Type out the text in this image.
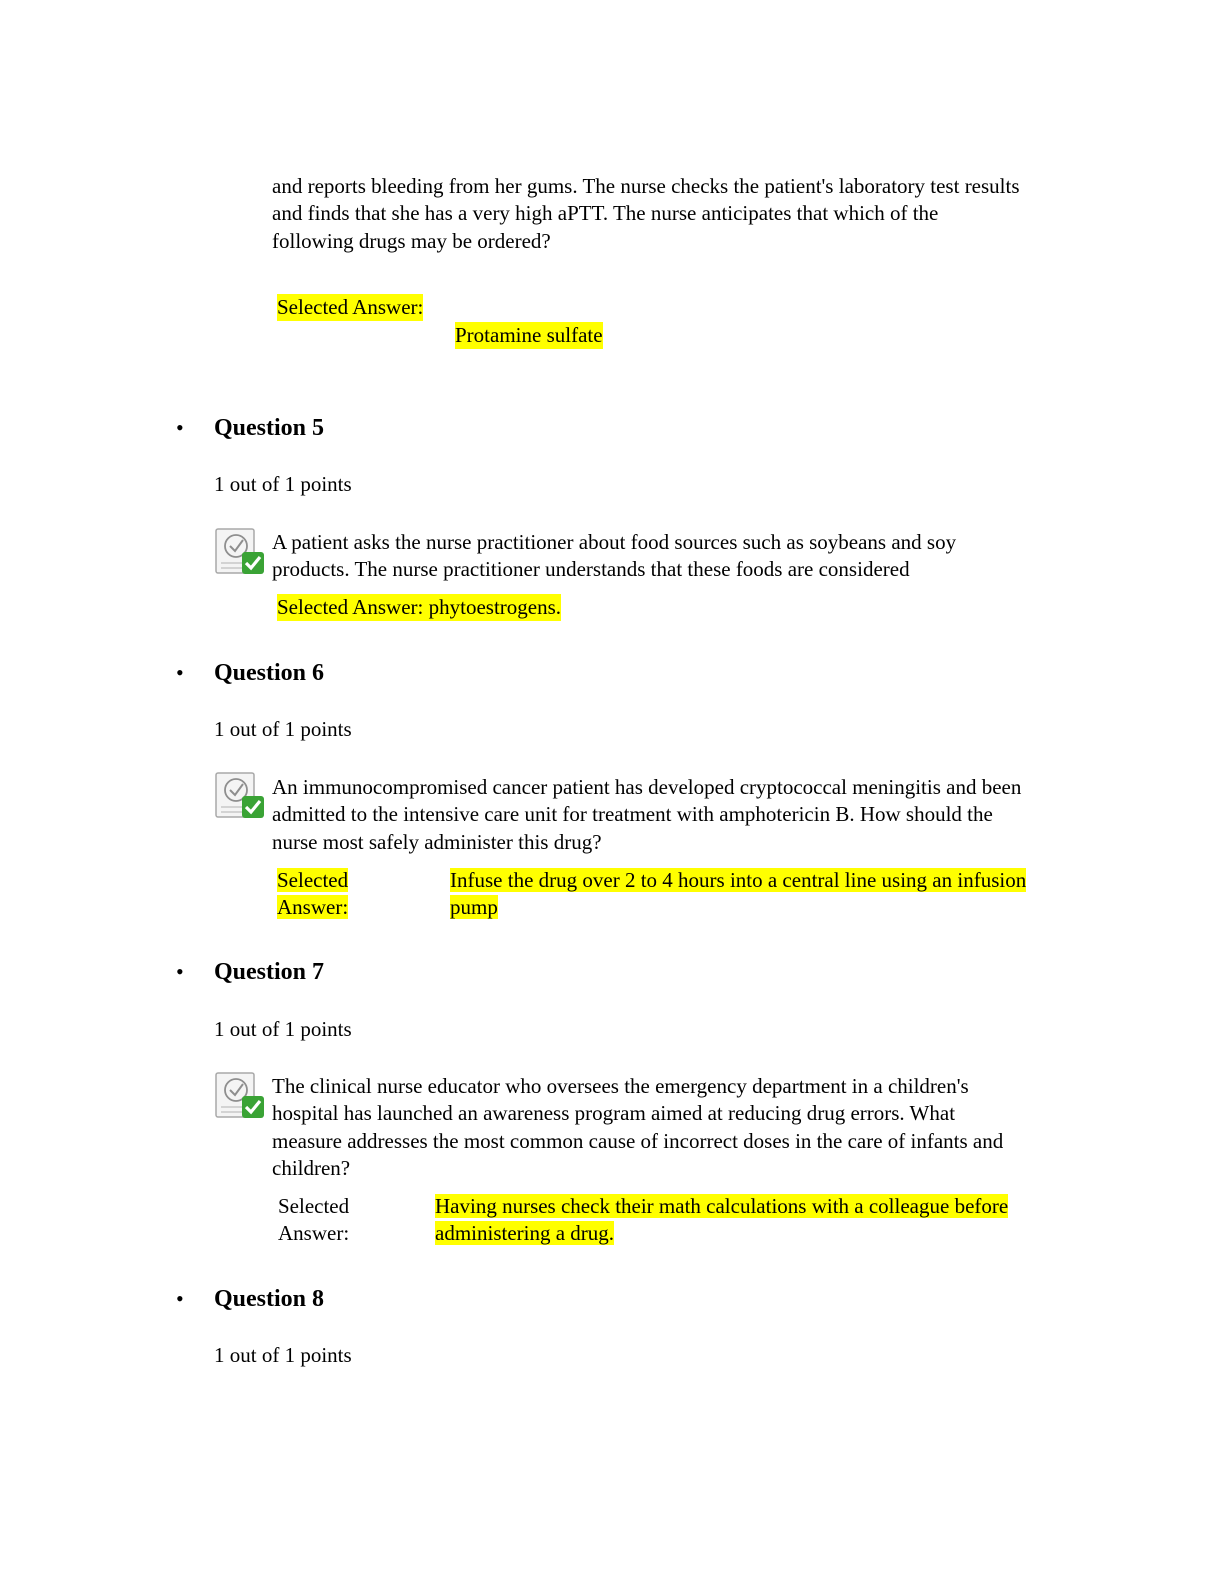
and reports bleeding from her gums. The nurse checks the patient's laboratory test results
and finds that she has a very high aPTT. The nurse anticipates that which of the
following drugs may be ordered?
Selected Answer:
Protamine sulfate
• Question 5
1 out of 1 points
A patient asks the nurse practitioner about food sources such as soybeans and soy
products. The nurse practitioner understands that these foods are considered
Selected Answer: phytoestrogens.
• Question 6
1 out of 1 points
An immunocompromised cancer patient has developed cryptococcal meningitis and been
admitted to the intensive care unit for treatment with amphotericin B. How should the
nurse most safely administer this drug?
Selected
Answer:
Infuse the drug over 2 to 4 hours into a central line using an infusion
pump
• Question 7
1 out of 1 points
The clinical nurse educator who oversees the emergency department in a children's
hospital has launched an awareness program aimed at reducing drug errors. What
measure addresses the most common cause of incorrect doses in the care of infants and
children?
Selected
Answer:
Having nurses check their math calculations with a colleague before
administering a drug.
• Question 8
1 out of 1 points
